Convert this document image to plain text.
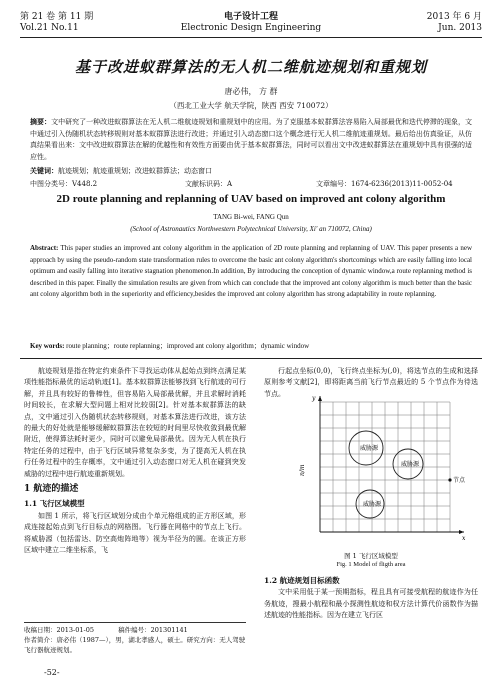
第 21 卷 第 11 期
Vol.21 No.11
电子设计工程
Electronic Design Engineering
2013 年 6 月
Jun. 2013
基于改进蚁群算法的无人机二维航迹规划和重规划
唐必伟， 方 群
（西北工业大学 航天学院，陕西 西安 710072）
摘要：文中研究了一种改进蚁群算法在无人机二维航迹规划和重规划中的应用。为了克服基本蚁群算法容易陷入局部最优和迭代停滞的现象，文中通过引入伪随机状态转移规则对基本蚁群算法进行改进；并通过引入动态窗口这个概念进行无人机二维航迹重规划。最后给出仿真验证，从仿真结果看出来：文中改进蚁群算法在解的优越性和有效性方面要由优于基本蚁群算法，同时可以看出文中改进蚁群算法在重规划中具有很强的适应性。
关键词：航迹规划；航迹重规划；改进蚁群算法；动态窗口
中图分类号：V448.2	文献标识码：A	文章编号：1674-6236(2013)11-0052-04
2D route planning and replanning of UAV based on improved ant colony algorithm
TANG Bi-wei, FANG Qun
(School of Astronautics Northwestern Polytechnical University, Xi' an 710072, China)
Abstract: This paper studies an improved ant colony algorithm in the application of 2D route planning and replanning of UAV. This paper presents a new approach by using the pseudo-random state transformation rules to overcome the basic ant colony algorithm's shortcomings which are easily falling into local optimum and easily falling into iterative stagnation phenomenon.In addition, By introducing the conception of dynamic window,a route replanning method is described in this paper. Finally the simulation results are given from which can conclude that the improved ant colony algorithm is much better than the basic ant colony algorithm both in the superiority and efficiency,besides the improved ant colony algorithm has strong adaptability in route replanning.
Key words: route planning；route replanning；improved ant colony algorithm；dynamic window

航迹规划是指在特定约束条件下寻找运动体从起始点到终点满足某项性能指标最优的运动轨迹[1]。基本蚁群算法能够找到飞行航迹的可行解，并且具有较好的鲁棒性，但容易陷入局部最优解，并且求解时消耗时间较长，在求解大型问题上相对比较弱[2]。针对基本蚁群算法的缺点，文中通过引入伪随机状态转移规则，对基本算法进行改进，该方法的最大的好处就是能够缓解蚁群算法在较短的时间里尽快收敛到最优解附近，使得算法耗时更少，同时可以避免局部最优。因为无人机在执行特定任务的过程中，由于飞行区域异常复杂多变，为了提高无人机在执行任务过程中的生存概率，文中通过引入动态窗口对无人机在碰到突发威胁的过程中进行航迹重新规划。

1 航迹的描述
1.1 飞行区域模型

如图 1 所示，将飞行区域划分成由个单元格组成的正方形区域，形成连接起始点到飞行目标点的网格图。飞行器在网格中的节点上飞行。将威胁源（包括雷达、防空高炮阵地等）视为半径为的圆。在该正方形区域中建立二维坐标系，飞

收稿日期：2013-01-05	稿件编号：201301141
作者简介：唐必伟（1987—），男，湖北孝感人，硕士。研究方向：无人驾驶飞行器航迹规划。
-52-

行起点坐标(0,0)，飞行终点坐标为(,0)，将选节点的生成和选择原则参考文献[2]，即将距离当前飞行节点最近的 5 个节点作为待选节点。

威胁源
威胁源
威胁源
节点
x
y
n/m
图 1 飞行区域模型
Fig. 1 Model of fligth area
1.2 航迹规划目标函数

文中采用低于某一预期指标，程且具有可接受航程的航迹作为任务航迹，搜最小航程和最小探测性航迹和权方法计算代价函数作为描述航迹的性能指标。因为在建立飞行区
